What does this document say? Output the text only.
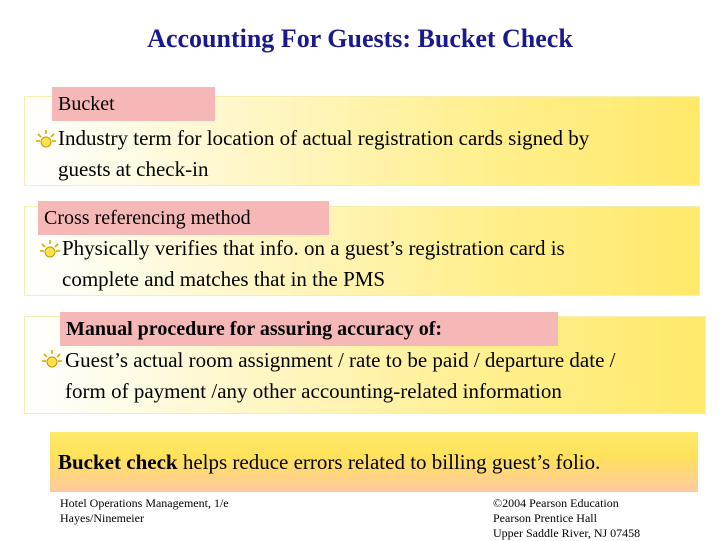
Accounting For Guests: Bucket Check
Bucket
Industry term for location of actual registration cards signed by
guests at check-in
Cross referencing method
Physically verifies that info. on a guest’s registration card is
complete and matches that in the PMS
Manual procedure for assuring accuracy of:
Guest’s actual room assignment / rate to be paid / departure date /
form of payment /any other accounting-related information
Bucket check helps reduce errors related to billing guest’s folio.
Hotel Operations Management, 1/e
Hayes/Ninemeier
©2004 Pearson Education
Pearson Prentice Hall
Upper Saddle River, NJ 07458
